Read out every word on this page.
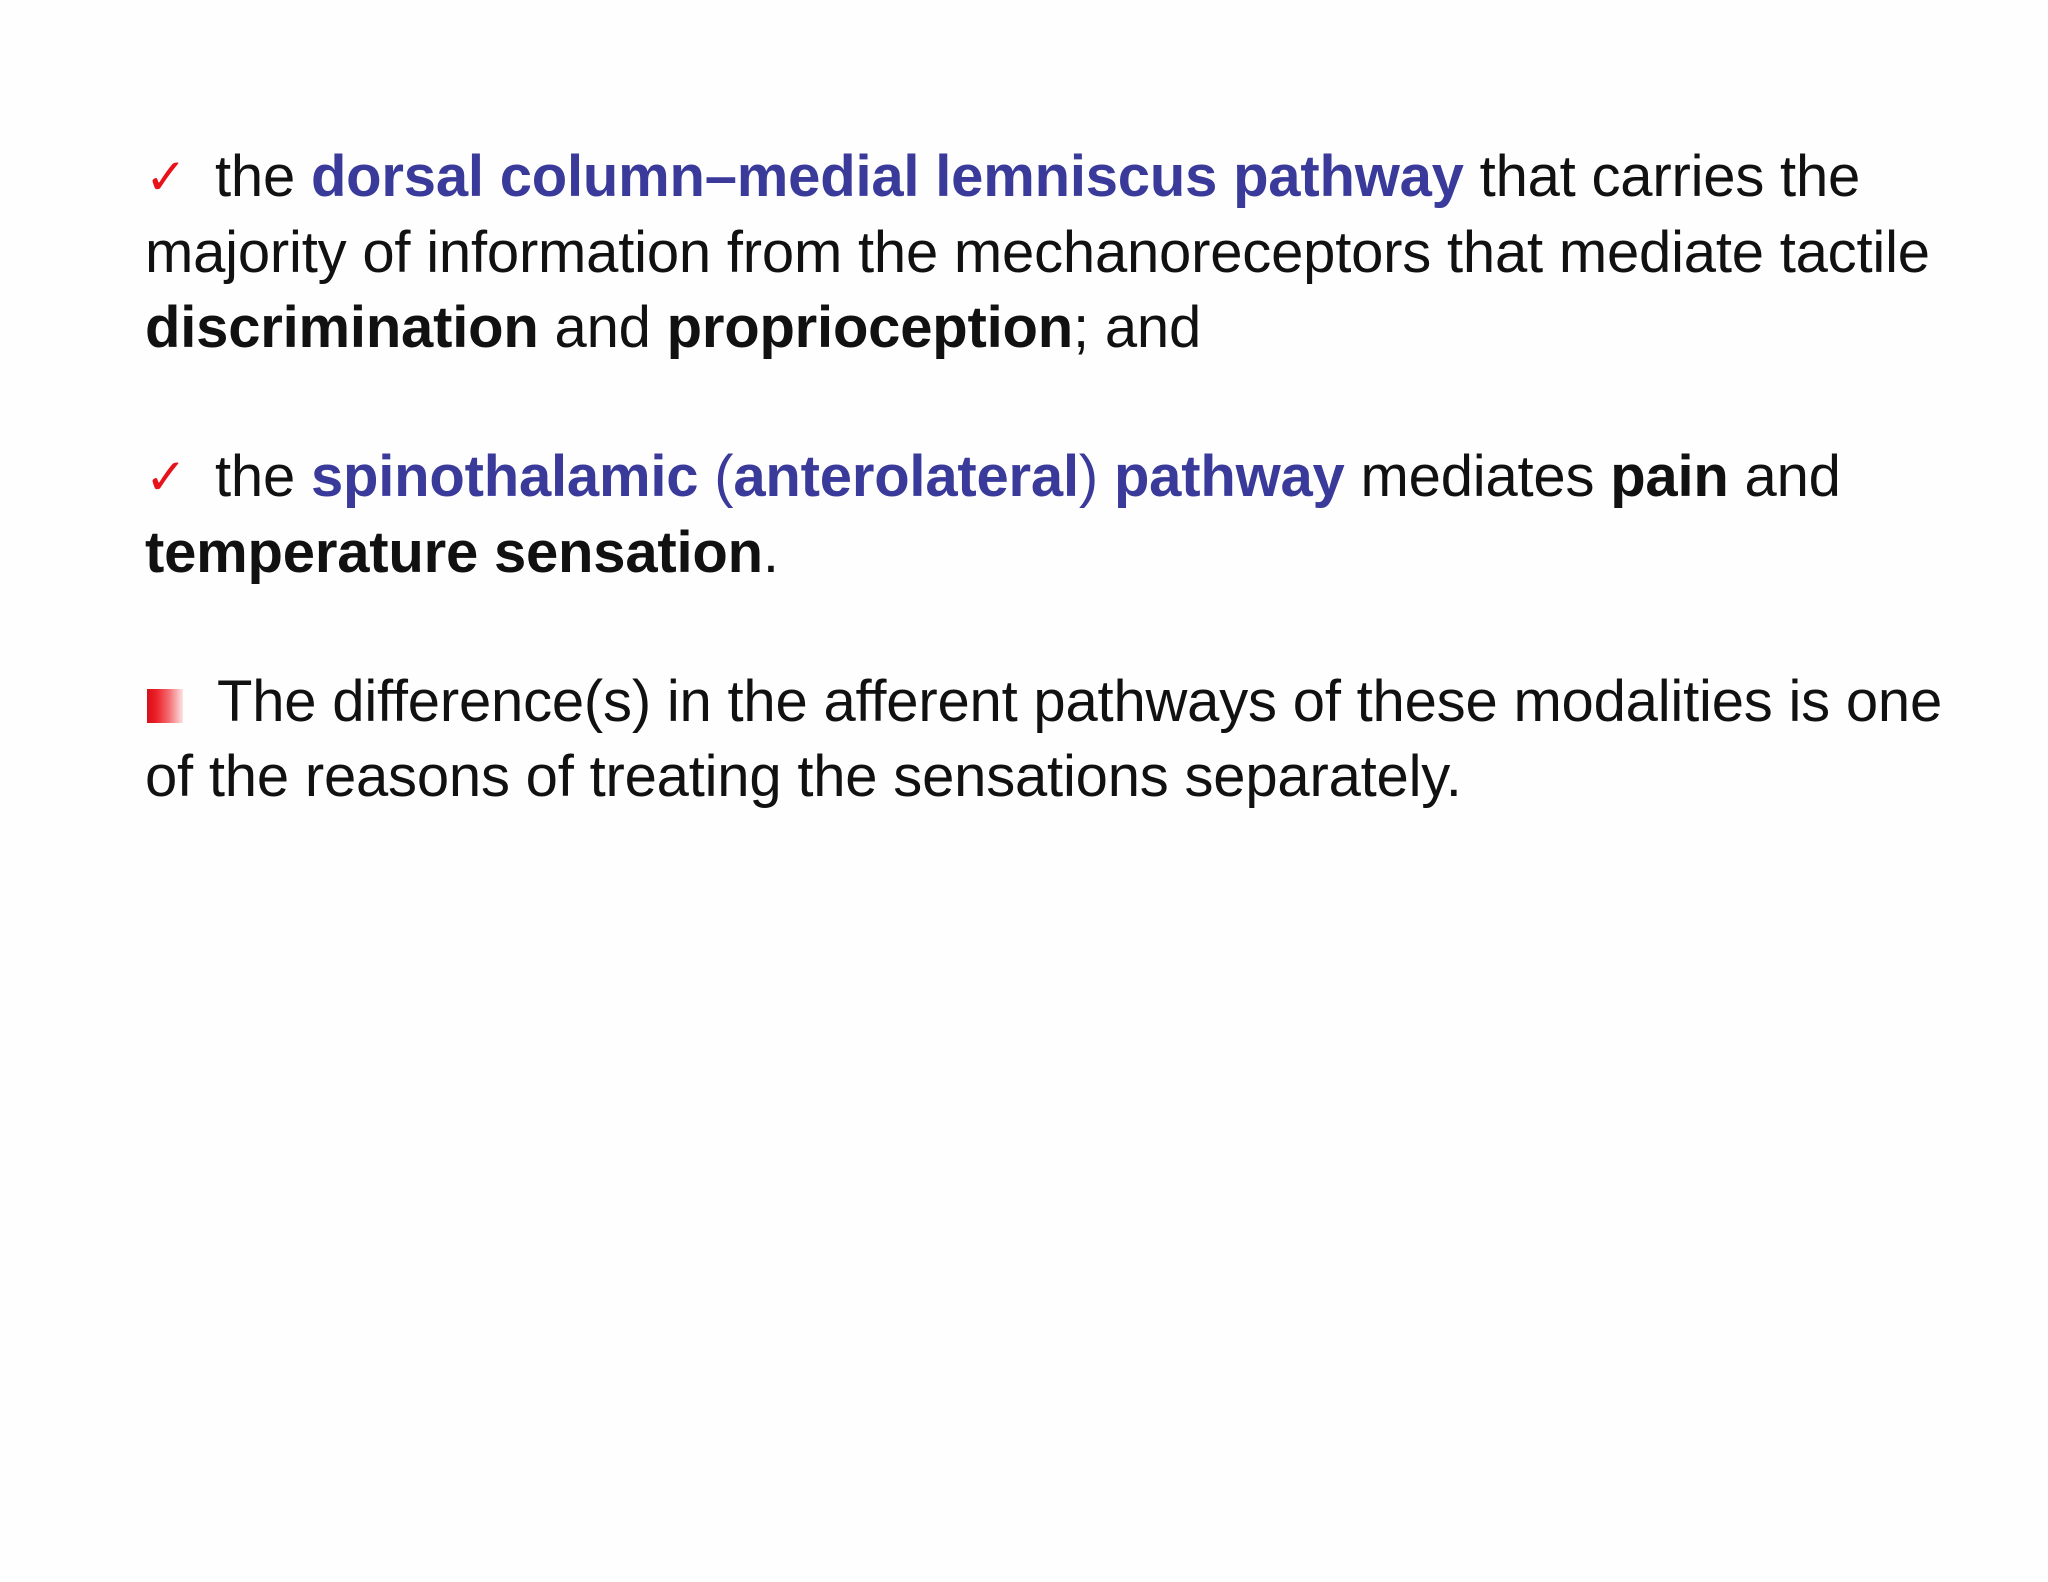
✓ the dorsal column–medial lemniscus pathway that carries the majority of information from the mechanoreceptors that mediate tactile discrimination and proprioception; and
✓ the spinothalamic (anterolateral) pathway mediates pain and temperature sensation.
The difference(s) in the afferent pathways of these modalities is one of the reasons of treating the sensations separately.
